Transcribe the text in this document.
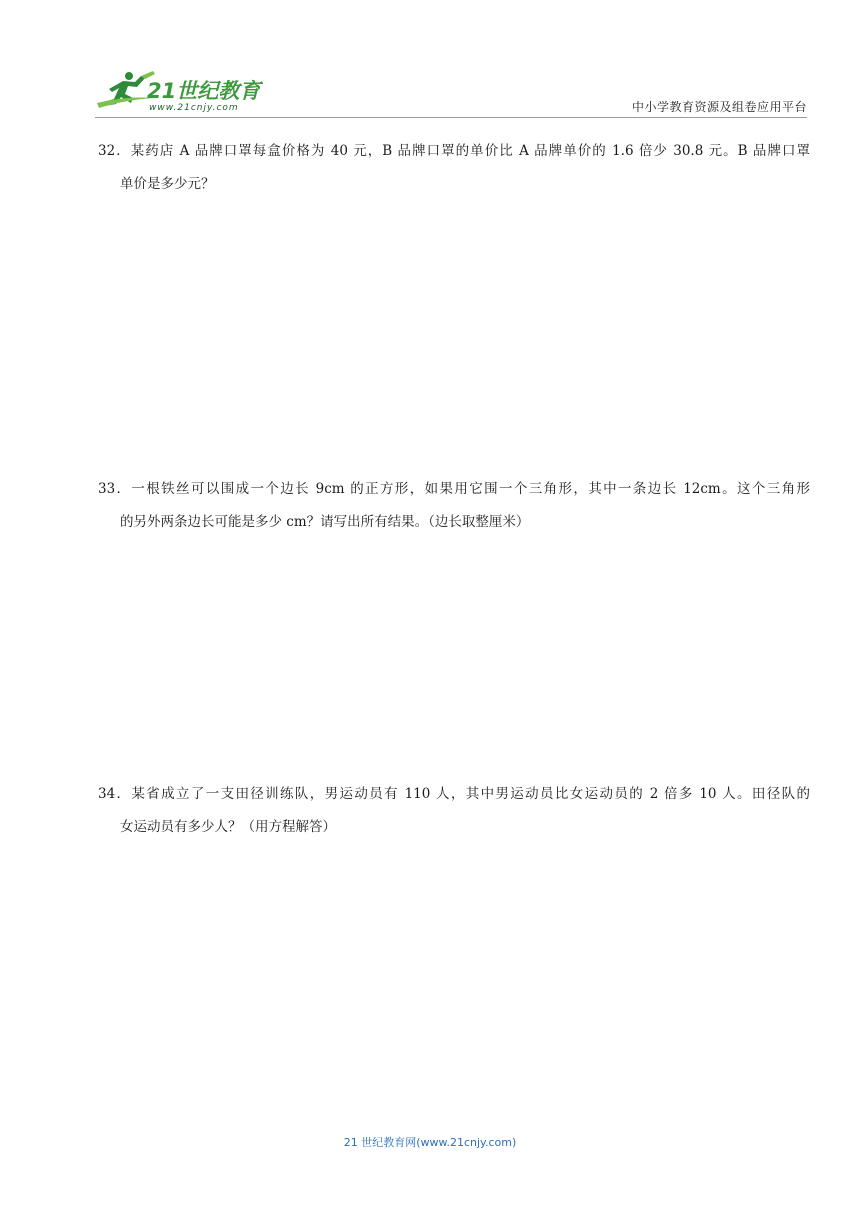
21世纪教育
www.21cnjy.com	中小学教育资源及组卷应用平台
32．某药店 A 品牌口罩每盒价格为 40 元，B 品牌口罩的单价比 A 品牌单价的 1.6 倍少 30.8 元。B 品牌口罩
单价是多少元？
33．一根铁丝可以围成一个边长 9cm 的正方形，如果用它围一个三角形，其中一条边长 12cm。这个三角形
的另外两条边长可能是多少 cm？请写出所有结果。（边长取整厘米）
34．某省成立了一支田径训练队，男运动员有 110 人，其中男运动员比女运动员的 2 倍多 10 人。田径队的
女运动员有多少人？（用方程解答）
21 世纪教育网(www.21cnjy.com)
